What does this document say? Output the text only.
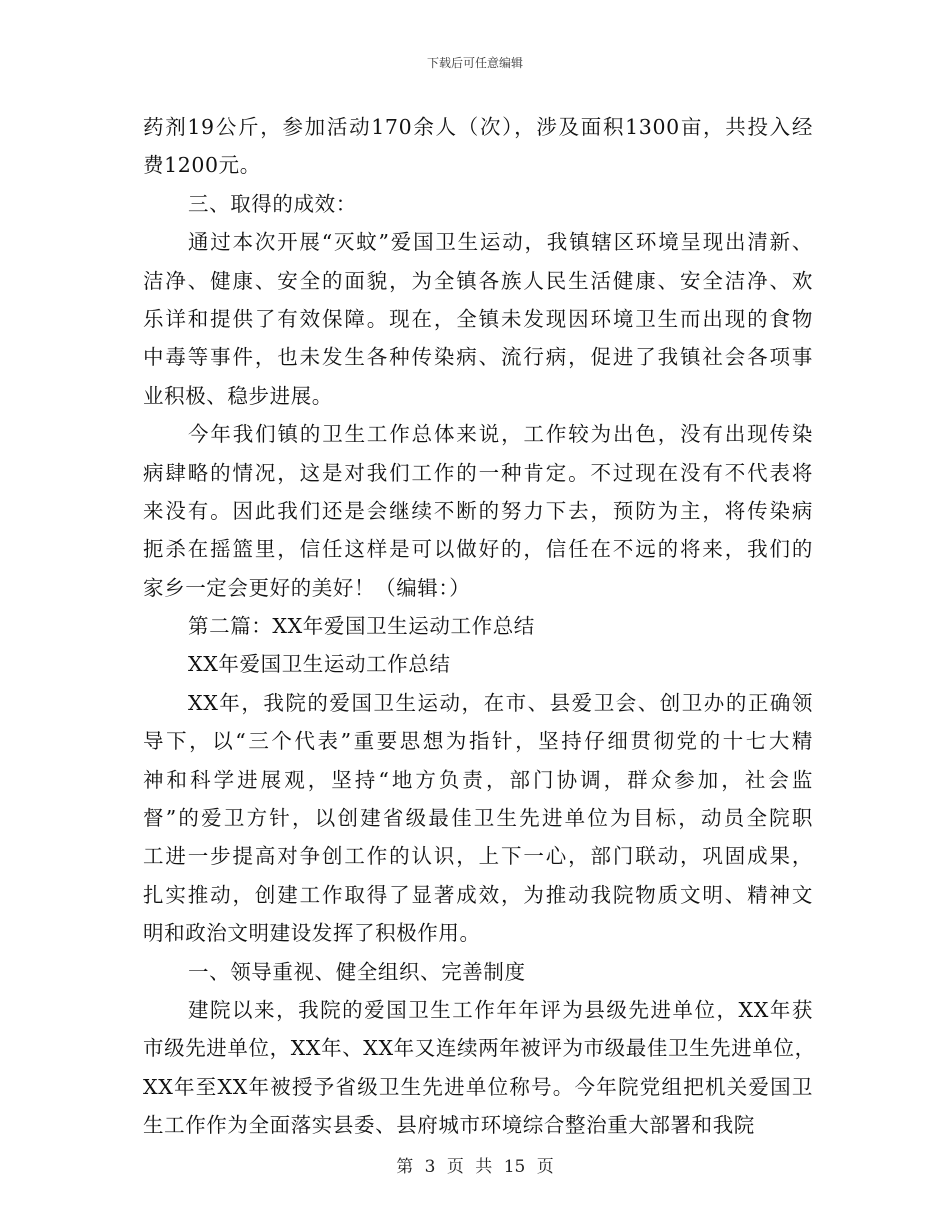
下载后可任意编辑
药剂19公斤，参加活动170余人（次），涉及面积1300亩，共投入经
费1200元。
三、取得的成效：
通过本次开展“灭蚊”爱国卫生运动，我镇辖区环境呈现出清新、
洁净、健康、安全的面貌，为全镇各族人民生活健康、安全洁净、欢
乐详和提供了有效保障。现在，全镇未发现因环境卫生而出现的食物
中毒等事件，也未发生各种传染病、流行病，促进了我镇社会各项事
业积极、稳步进展。
今年我们镇的卫生工作总体来说，工作较为出色，没有出现传染
病肆略的情况，这是对我们工作的一种肯定。不过现在没有不代表将
来没有。因此我们还是会继续不断的努力下去，预防为主，将传染病
扼杀在摇篮里，信任这样是可以做好的，信任在不远的将来，我们的
家乡一定会更好的美好！（编辑：）
第二篇：XX年爱国卫生运动工作总结
XX年爱国卫生运动工作总结
XX年，我院的爱国卫生运动，在市、县爱卫会、创卫办的正确领
导下，以“三个代表”重要思想为指针，坚持仔细贯彻党的十七大精
神和科学进展观，坚持“地方负责，部门协调，群众参加，社会监
督”的爱卫方针，以创建省级最佳卫生先进单位为目标，动员全院职
工进一步提高对争创工作的认识，上下一心，部门联动，巩固成果，
扎实推动，创建工作取得了显著成效，为推动我院物质文明、精神文
明和政治文明建设发挥了积极作用。
一、领导重视、健全组织、完善制度
建院以来，我院的爱国卫生工作年年评为县级先进单位，XX年获
市级先进单位，XX年、XX年又连续两年被评为市级最佳卫生先进单位，
XX年至XX年被授予省级卫生先进单位称号。今年院党组把机关爱国卫
生工作作为全面落实县委、县府城市环境综合整治重大部署和我院
第 3 页 共 15 页
